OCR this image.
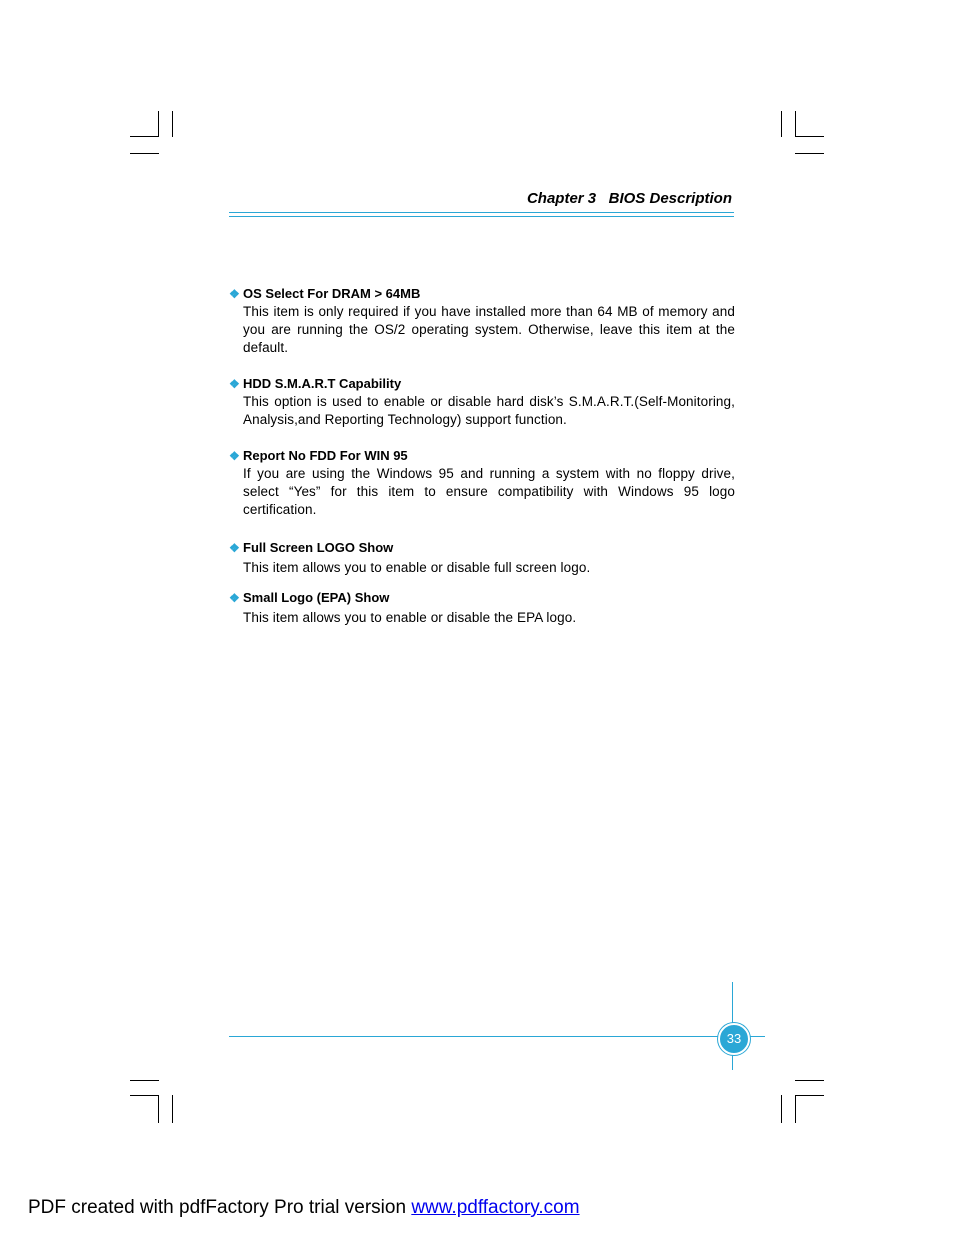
Chapter 3   BIOS Description
❖ OS Select For DRAM > 64MB
This item is only required if you have installed more than 64 MB of memory and you are running the OS/2 operating system. Otherwise, leave this item at the default.
❖ HDD S.M.A.R.T Capability
This option is used to enable or disable hard disk’s S.M.A.R.T.(Self-Monitoring, Analysis,and Reporting Technology) support function.
❖ Report No FDD For WIN 95
If you are using the Windows 95 and running a system with no floppy drive, select “Yes” for this item to ensure compatibility with Windows 95 logo certification.
❖ Full Screen LOGO Show
This item allows you to enable or disable full screen logo.
❖ Small Logo (EPA) Show
This item allows you to enable or disable the EPA logo.
33
PDF created with pdfFactory Pro trial version www.pdffactory.com
